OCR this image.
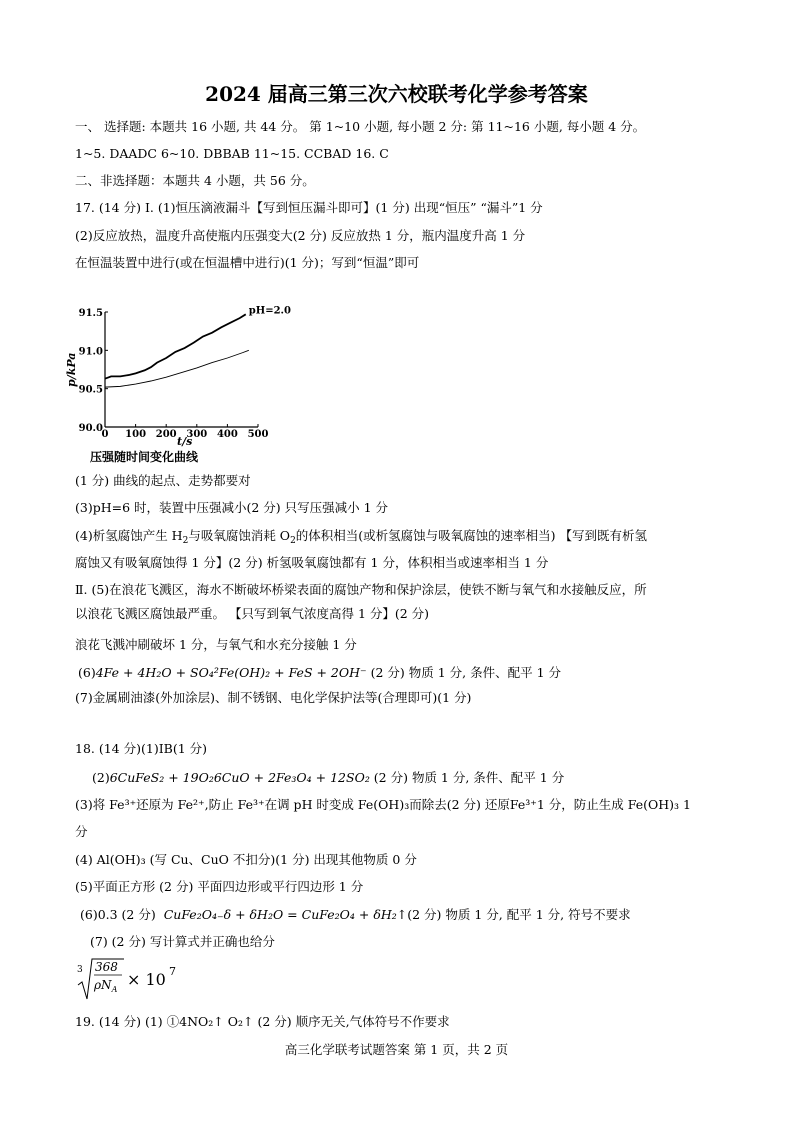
2024 届高三第三次六校联考化学参考答案
一、 选择题: 本题共 16 小题, 共 44 分。 第 1~10 小题, 每小题 2 分: 第 11~16 小题, 每小题 4 分。
1~5. DAADC 6~10. DBBAB 11~15. CCBAD 16. C
二、非选择题：本题共 4 小题，共 56 分。
17. (14 分) Ⅰ. (1)恒压滴液漏斗【写到恒压漏斗即可】(1 分) 出现“恒压” “漏斗”1 分
(2)反应放热，温度升高使瓶内压强变大(2 分) 反应放热 1 分，瓶内温度升高 1 分
在恒温装置中进行(或在恒温槽中进行)(1 分)；写到“恒温”即可
0 100 200 300 400 500
90.0
90.5
91.0
91.5	pH=2.0
压强随时间变化曲线
t/s
p/kPa
(1 分) 曲线的起点、走势都要对
(3)pH=6 时，装置中压强减小(2 分) 只写压强减小 1 分
(4)析氢腐蚀产生 $H_2$与吸氧腐蚀消耗 $O_2$的体积相当(或析氢腐蚀与吸氧腐蚀的速率相当) 【写到既有析氢
腐蚀又有吸氧腐蚀得 1 分】(2 分) 析氢吸氧腐蚀都有 1 分，体积相当或速率相当 1 分
Ⅱ. (5)在浪花飞溅区，海水不断破坏桥梁表面的腐蚀产物和保护涂层，使铁不断与氧气和水接触反应，所
以浪花飞溅区腐蚀最严重。 【只写到氧气浓度高得 1 分】(2 分)
浪花飞溅冲刷破坏 1 分，与氧气和水充分接触 1 分
(6)4Fe + 4H₂O + SO₄²Fe(OH)₂ + FeS + 2OH⁻ (2 分) 物质 1 分, 条件、配平 1 分
(7)金属刷油漆(外加涂层)、制不锈钢、电化学保护法等(合理即可)(1 分)
18. (14 分)(1)IB(1 分)
(2)6CuFeS₂ + 19O₂6CuO + 2Fe₃O₄ + 12SO₂ (2 分) 物质 1 分, 条件、配平 1 分
(3)将 Fe³⁺还原为 Fe²⁺,防止 Fe³⁺在调 pH 时变成 Fe(OH)₃而除去(2 分) 还原Fe³⁺1 分，防止生成 Fe(OH)₃ 1
分
(4) Al(OH)₃ (写 Cu、CuO 不扣分)(1 分) 出现其他物质 0 分
(5)平面正方形 (2 分) 平面四边形或平行四边形 1 分
(6)0.3 (2 分) CuFe₂O₄₋δ + δH₂O = CuFe₂O₄ + δH₂↑(2 分) 物质 1 分, 配平 1 分, 符号不要求
(7) (2 分) 写计算式并正确也给分
3 368
$\rho N_A$
× 10 7
19. (14 分) (1) ①4NO₂↑ O₂↑ (2 分) 顺序无关,气体符号不作要求
高三化学联考试题答案 第 1 页，共 2 页
